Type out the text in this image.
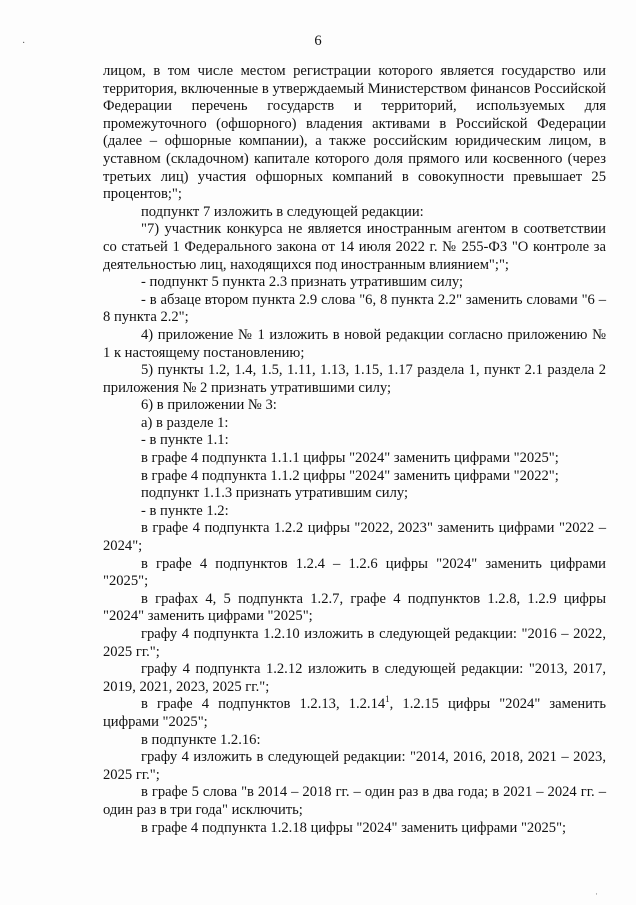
·	6

лицом, в том числе местом регистрации которого является государство или территория, включенные в утверждаемый Министерством финансов Российской Федерации перечень государств и территорий, используемых для промежуточного (офшорного) владения активами в Российской Федерации (далее – офшорные компании), а также российским юридическим лицом, в уставном (складочном) капитале которого доля прямого или косвенного (через третьих лиц) участия офшорных компаний в совокупности превышает 25 процентов;";

подпункт 7 изложить в следующей редакции:

"7) участник конкурса не является иностранным агентом в соответствии со статьей 1 Федерального закона от 14 июля 2022 г. № 255-ФЗ "О контроле за деятельностью лиц, находящихся под иностранным влиянием";";

- подпункт 5 пункта 2.3 признать утратившим силу;

- в абзаце втором пункта 2.9 слова "6, 8 пункта 2.2" заменить словами "6 – 8 пункта 2.2";

4) приложение № 1 изложить в новой редакции согласно приложению № 1 к настоящему постановлению;

5) пункты 1.2, 1.4, 1.5, 1.11, 1.13, 1.15, 1.17 раздела 1, пункт 2.1 раздела 2 приложения № 2 признать утратившими силу;

6) в приложении № 3:

а) в разделе 1:

- в пункте 1.1:

в графе 4 подпункта 1.1.1 цифры "2024" заменить цифрами "2025";

в графе 4 подпункта 1.1.2 цифры "2024" заменить цифрами "2022";

подпункт 1.1.3 признать утратившим силу;

- в пункте 1.2:

в графе 4 подпункта 1.2.2 цифры "2022, 2023" заменить цифрами "2022 – 2024";

в графе 4 подпунктов 1.2.4 – 1.2.6 цифры "2024" заменить цифрами "2025";

в графах 4, 5 подпункта 1.2.7, графе 4 подпунктов 1.2.8, 1.2.9 цифры "2024" заменить цифрами "2025";

графу 4 подпункта 1.2.10 изложить в следующей редакции: "2016 – 2022, 2025 гг.";

графу 4 подпункта 1.2.12 изложить в следующей редакции: "2013, 2017, 2019, 2021, 2023, 2025 гг.";

в графе 4 подпунктов 1.2.13, 1.2.14$^1$, 1.2.15 цифры "2024" заменить цифрами "2025";

в подпункте 1.2.16:

графу 4 изложить в следующей редакции: "2014, 2016, 2018, 2021 – 2023, 2025 гг.";

в графе 5 слова "в 2014 – 2018 гг. – один раз в два года; в 2021 – 2024 гг. – один раз в три года" исключить;

в графе 4 подпункта 1.2.18 цифры "2024" заменить цифрами "2025";

·
